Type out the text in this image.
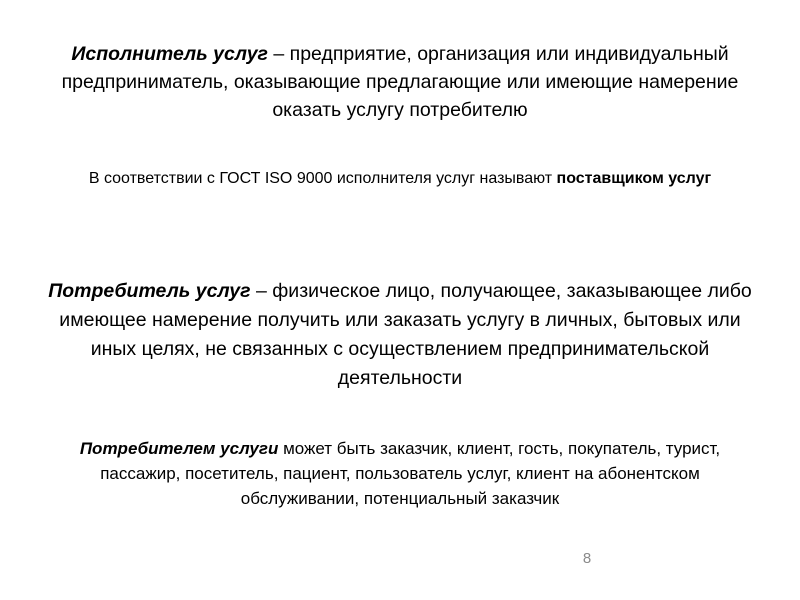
Исполнитель услуг – предприятие, организация или индивидуальный предприниматель, оказывающие предлагающие или имеющие намерение оказать услугу потребителю

В соответствии с ГОСТ ISO 9000 исполнителя услуг называют поставщиком услуг

Потребитель услуг – физическое лицо, получающее, заказывающее либо имеющее намерение получить или заказать услугу в личных, бытовых или иных целях, не связанных с осуществлением предпринимательской деятельности

Потребителем услуги может быть заказчик, клиент, гость, покупатель, турист, пассажир, посетитель, пациент, пользователь услуг, клиент на абонентском обслуживании, потенциальный заказчик

8
